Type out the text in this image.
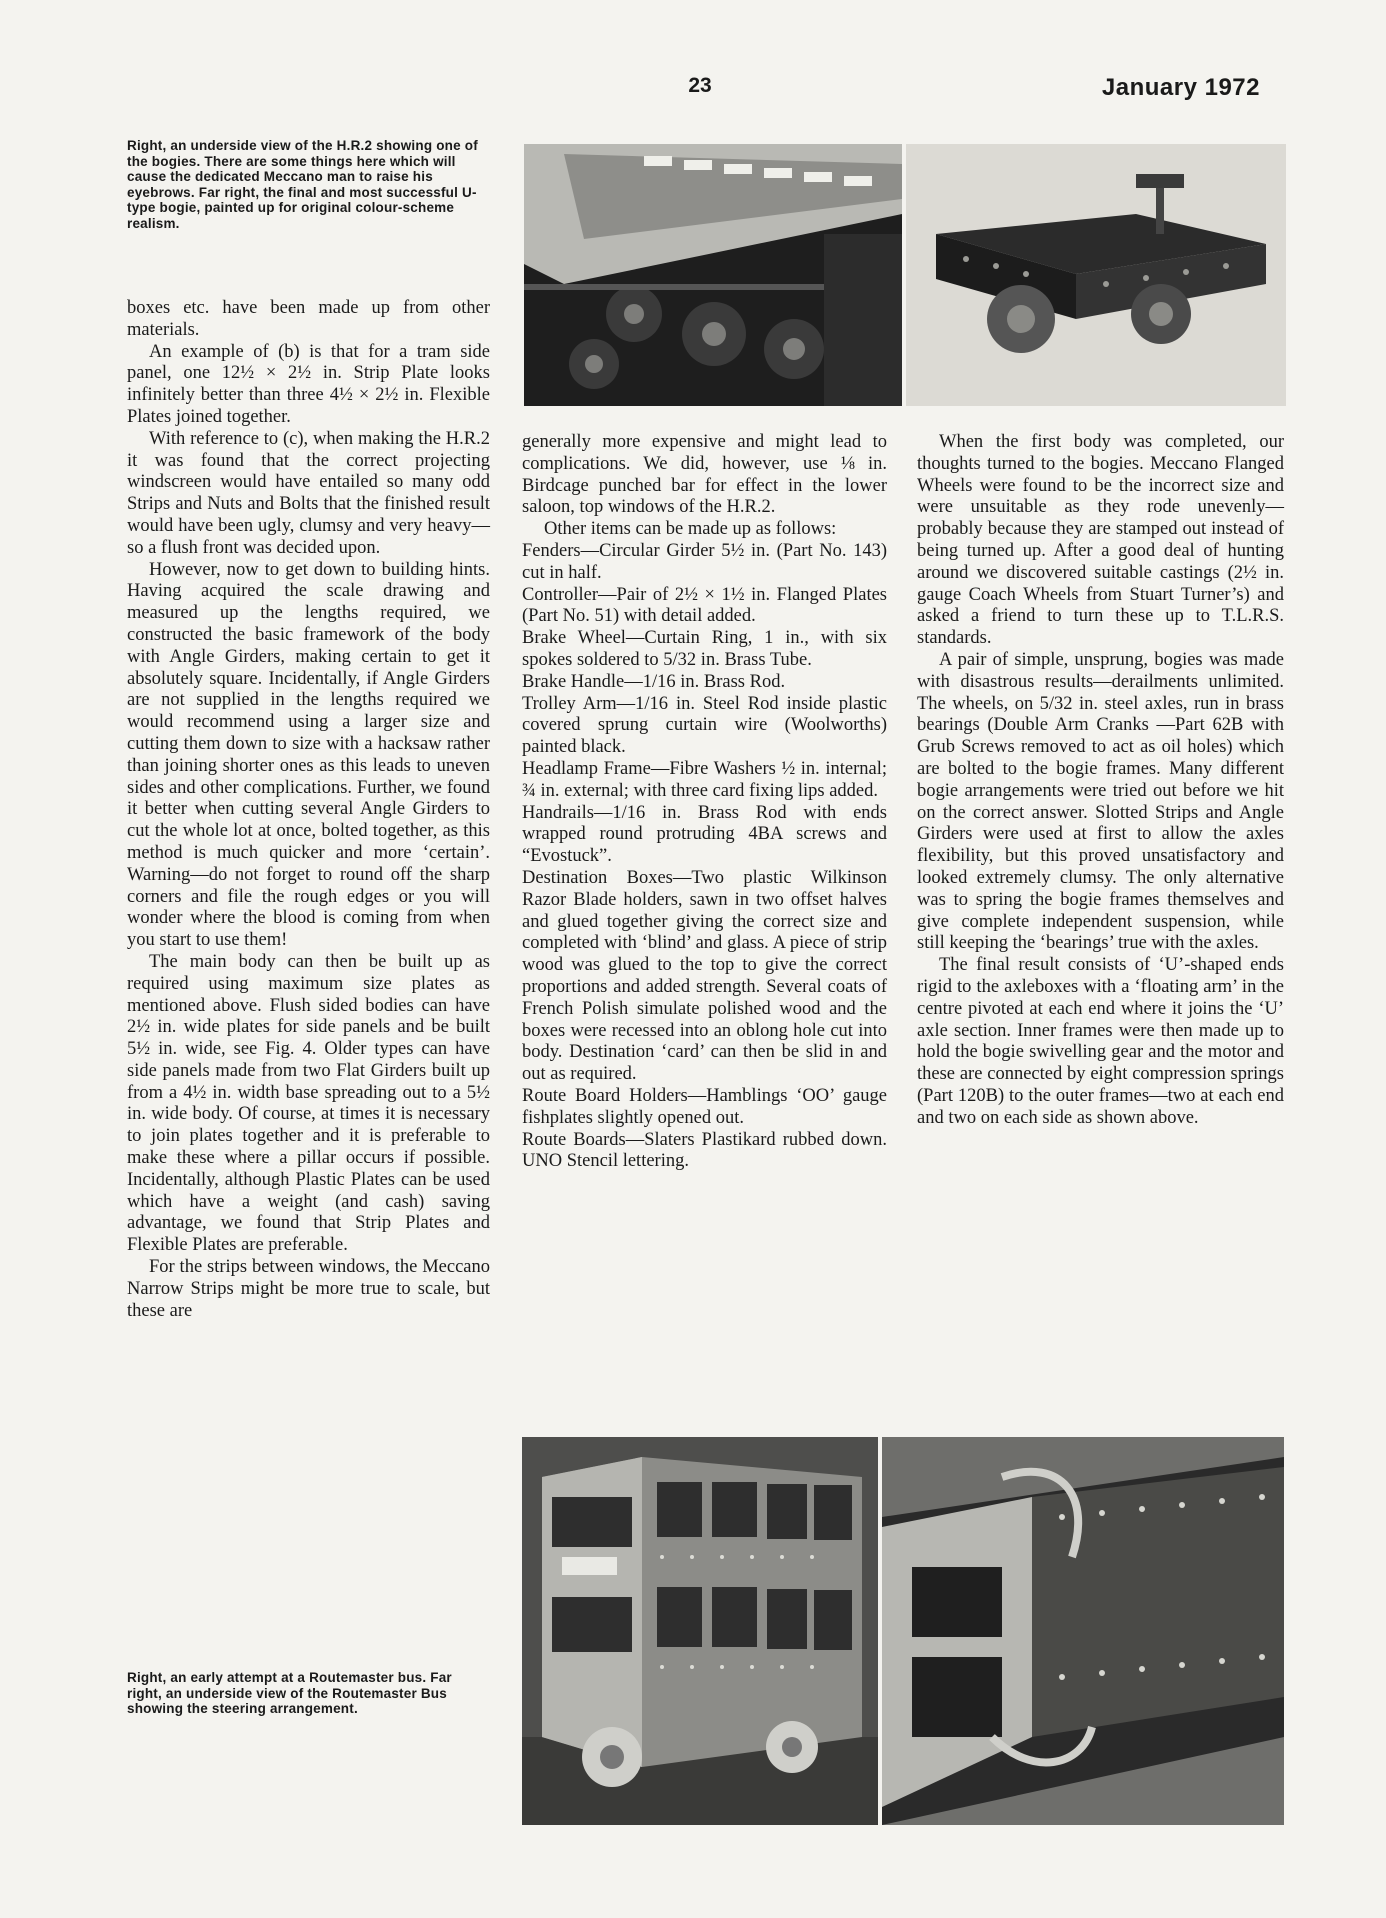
23	January 1972

Right, an underside view of the H.R.2 showing one of the bogies. There are some things here which will cause the dedicated Meccano man to raise his eyebrows. Far right, the final and most successful U-type bogie, painted up for original colour-scheme realism.

boxes etc. have been made up from other materials.

An example of (b) is that for a tram side panel, one 12½ × 2½ in. Strip Plate looks infinitely better than three 4½ × 2½ in. Flexible Plates joined together.

With reference to (c), when making the H.R.2 it was found that the correct projecting windscreen would have entailed so many odd Strips and Nuts and Bolts that the finished result would have been ugly, clumsy and very heavy—so a flush front was decided upon.

However, now to get down to building hints. Having acquired the scale drawing and measured up the lengths required, we constructed the basic framework of the body with Angle Girders, making certain to get it absolutely square. Incidentally, if Angle Girders are not supplied in the lengths required we would recommend using a larger size and cutting them down to size with a hacksaw rather than joining shorter ones as this leads to uneven sides and other complications. Further, we found it better when cutting several Angle Girders to cut the whole lot at once, bolted together, as this method is much quicker and more ‘certain’. Warning—do not forget to round off the sharp corners and file the rough edges or you will wonder where the blood is coming from when you start to use them!

The main body can then be built up as required using maximum size plates as mentioned above. Flush sided bodies can have 2½ in. wide plates for side panels and be built 5½ in. wide, see Fig. 4. Older types can have side panels made from two Flat Girders built up from a 4½ in. width base spreading out to a 5½ in. wide body. Of course, at times it is necessary to join plates together and it is preferable to make these where a pillar occurs if possible. Incidentally, although Plastic Plates can be used which have a weight (and cash) saving advantage, we found that Strip Plates and Flexible Plates are preferable.

For the strips between windows, the Meccano Narrow Strips might be more true to scale, but these are

generally more expensive and might lead to complications. We did, however, use ⅛ in. Birdcage punched bar for effect in the lower saloon, top windows of the H.R.2.

Other items can be made up as follows:

Fenders—Circular Girder 5½ in. (Part No. 143) cut in half.

Controller—Pair of 2½ × 1½ in. Flanged Plates (Part No. 51) with detail added.

Brake Wheel—Curtain Ring, 1 in., with six spokes soldered to 5/32 in. Brass Tube.

Brake Handle—1/16 in. Brass Rod.

Trolley Arm—1/16 in. Steel Rod inside plastic covered sprung curtain wire (Woolworths) painted black.

Headlamp Frame—Fibre Washers ½ in. internal; ¾ in. external; with three card fixing lips added.

Handrails—1/16 in. Brass Rod with ends wrapped round protruding 4BA screws and “Evostuck”.

Destination Boxes—Two plastic Wilkinson Razor Blade holders, sawn in two offset halves and glued together giving the correct size and completed with ‘blind’ and glass. A piece of strip wood was glued to the top to give the correct proportions and added strength. Several coats of French Polish simulate polished wood and the boxes were recessed into an oblong hole cut into body. Destination ‘card’ can then be slid in and out as required.

Route Board Holders—Hamblings ‘OO’ gauge fishplates slightly opened out.

Route Boards—Slaters Plastikard rubbed down. UNO Stencil lettering.

When the first body was completed, our thoughts turned to the bogies. Meccano Flanged Wheels were found to be the incorrect size and were unsuitable as they rode unevenly—probably because they are stamped out instead of being turned up. After a good deal of hunting around we discovered suitable castings (2½ in. gauge Coach Wheels from Stuart Turner’s) and asked a friend to turn these up to T.L.R.S. standards.

A pair of simple, unsprung, bogies was made with disastrous results—derailments unlimited. The wheels, on 5/32 in. steel axles, run in brass bearings (Double Arm Cranks —Part 62B with Grub Screws removed to act as oil holes) which are bolted to the bogie frames. Many different bogie arrangements were tried out before we hit on the correct answer. Slotted Strips and Angle Girders were used at first to allow the axles flexibility, but this proved unsatisfactory and looked extremely clumsy. The only alternative was to spring the bogie frames themselves and give complete independent suspension, while still keeping the ‘bearings’ true with the axles.

The final result consists of ‘U’-shaped ends rigid to the axleboxes with a ‘floating arm’ in the centre pivoted at each end where it joins the ‘U’ axle section. Inner frames were then made up to hold the bogie swivelling gear and the motor and these are connected by eight compression springs (Part 120B) to the outer frames—two at each end and two on each side as shown above.

Right, an early attempt at a Routemaster bus. Far right, an underside view of the Routemaster Bus showing the steering arrangement.
